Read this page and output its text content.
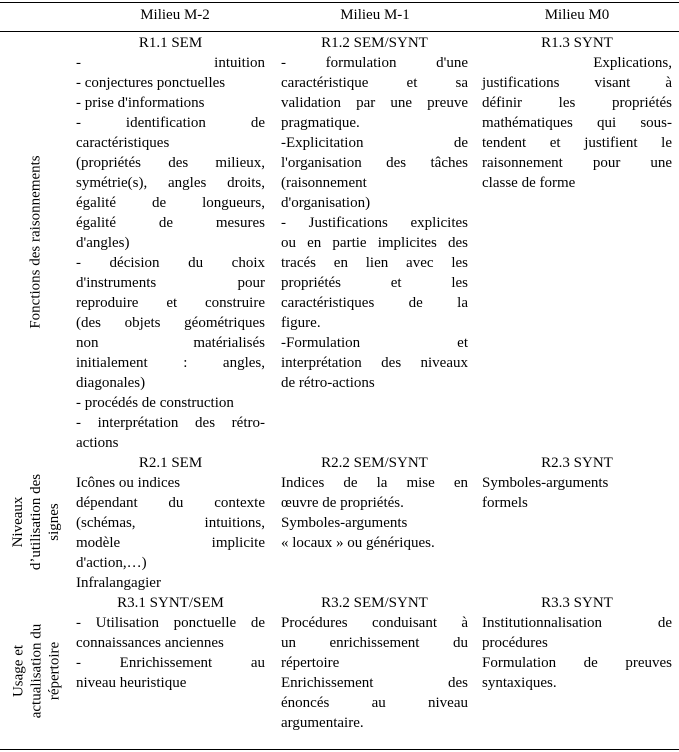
Milieu M-2	Milieu M-1	Milieu M0
Fonctions des raisonnements
Niveaux d’utilisation des signes
Usage et actualisation du répertoire
R1.1 SEM
- intuition
- conjectures ponctuelles
- prise d'informations
- identification de
caractéristiques
(propriétés des milieux,
symétrie(s), angles droits,
égalité de longueurs,
égalité de mesures
d'angles)
- décision du choix
d'instruments pour
reproduire et construire
(des objets géométriques
non matérialisés
initialement : angles,
diagonales)
- procédés de construction
- interprétation des rétro-
actions
R1.2 SEM/SYNT
- formulation d'une
caractéristique et sa
validation par une preuve
pragmatique.
-Explicitation de
l'organisation des tâches
(raisonnement
d'organisation)
- Justifications explicites
ou en partie implicites des
tracés en lien avec les
propriétés et les
caractéristiques de la
figure.
-Formulation et
interprétation des niveaux
de rétro-actions
R1.3 SYNT
Explications,
justifications visant à
définir les propriétés
mathématiques qui sous-
tendent et justifient le
raisonnement pour une
classe de forme
R2.1 SEM
Icônes ou indices
dépendant du contexte
(schémas, intuitions,
modèle implicite
d'action,…)
Infralangagier
R2.2 SEM/SYNT
Indices de la mise en
œuvre de propriétés.
Symboles-arguments
« locaux » ou génériques.
R2.3 SYNT
Symboles-arguments
formels
R3.1 SYNT/SEM
- Utilisation ponctuelle de
connaissances anciennes
- Enrichissement au
niveau heuristique
R3.2 SEM/SYNT
Procédures conduisant à
un enrichissement du
répertoire
Enrichissement des
énoncés au niveau
argumentaire.
R3.3 SYNT
Institutionnalisation de
procédures
Formulation de preuves
syntaxiques.
